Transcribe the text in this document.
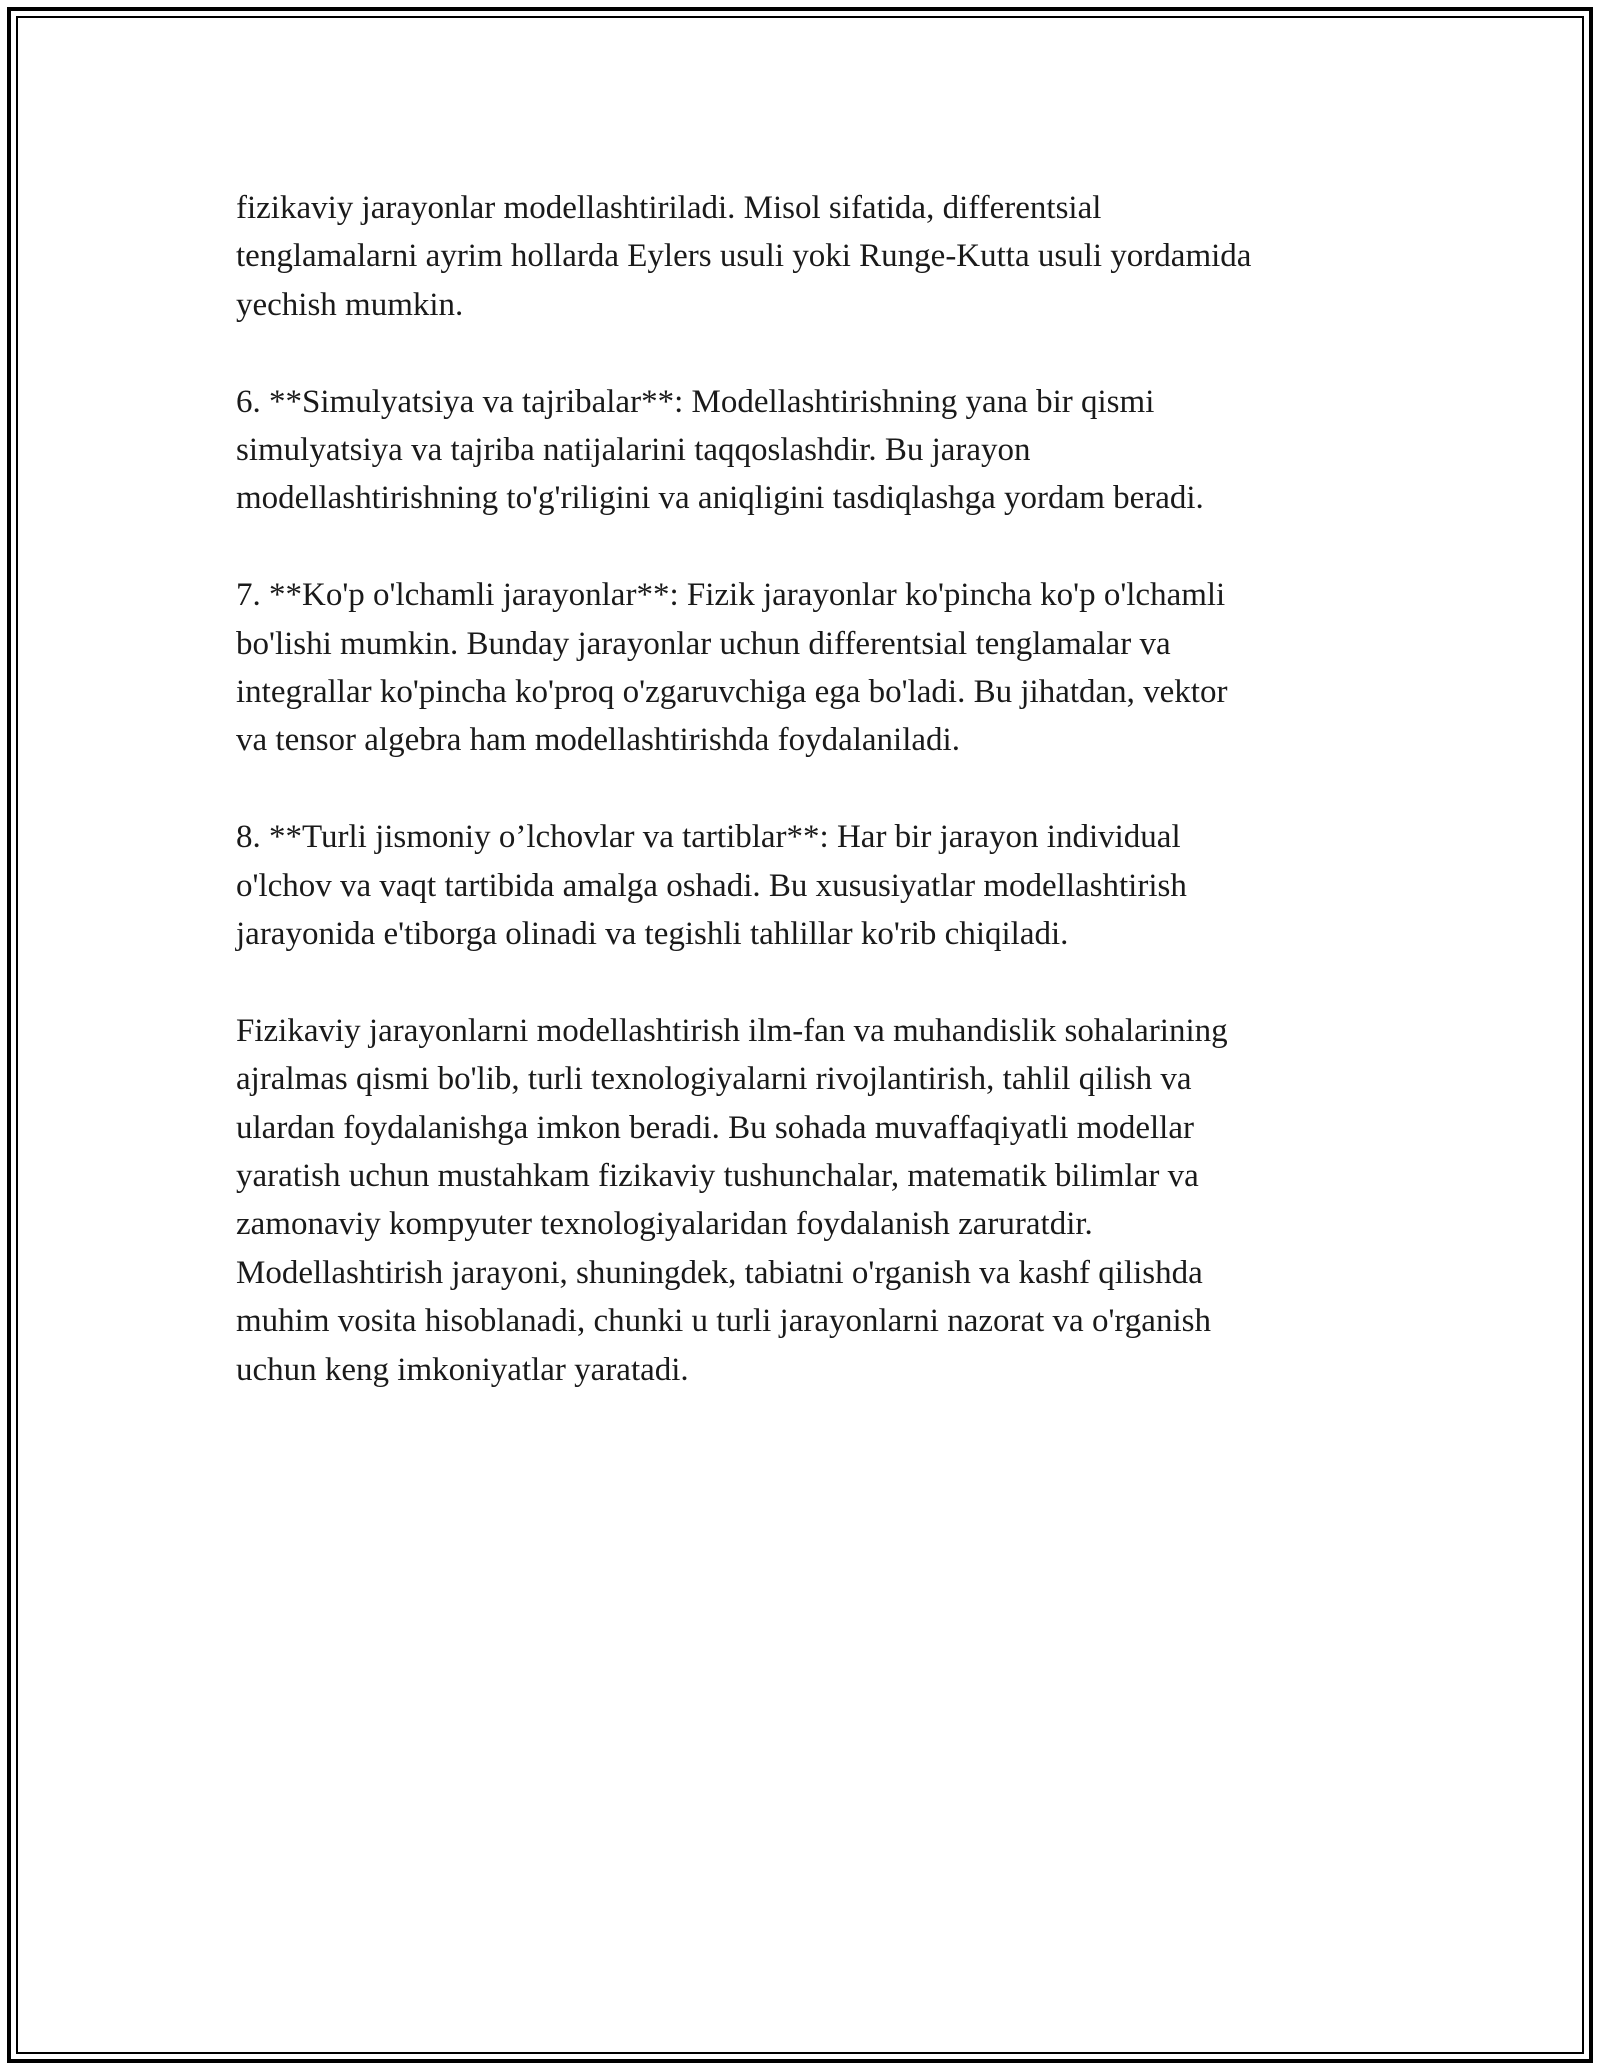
fizikaviy jarayonlar modellashtiriladi. Misol sifatida, differentsial
tenglamalarni ayrim hollarda Eylers usuli yoki Runge-Kutta usuli yordamida
yechish mumkin.

6. **Simulyatsiya va tajribalar**: Modellashtirishning yana bir qismi
simulyatsiya va tajriba natijalarini taqqoslashdir. Bu jarayon
modellashtirishning to'g'riligini va aniqligini tasdiqlashga yordam beradi.

7. **Ko'p o'lchamli jarayonlar**: Fizik jarayonlar ko'pincha ko'p o'lchamli
bo'lishi mumkin. Bunday jarayonlar uchun differentsial tenglamalar va
integrallar ko'pincha ko'proq o'zgaruvchiga ega bo'ladi. Bu jihatdan, vektor
va tensor algebra ham modellashtirishda foydalaniladi.

8. **Turli jismoniy o’lchovlar va tartiblar**: Har bir jarayon individual
o'lchov va vaqt tartibida amalga oshadi. Bu xususiyatlar modellashtirish
jarayonida e'tiborga olinadi va tegishli tahlillar ko'rib chiqiladi.

Fizikaviy jarayonlarni modellashtirish ilm-fan va muhandislik sohalarining
ajralmas qismi bo'lib, turli texnologiyalarni rivojlantirish, tahlil qilish va
ulardan foydalanishga imkon beradi. Bu sohada muvaffaqiyatli modellar
yaratish uchun mustahkam fizikaviy tushunchalar, matematik bilimlar va
zamonaviy kompyuter texnologiyalaridan foydalanish zaruratdir.
Modellashtirish jarayoni, shuningdek, tabiatni o'rganish va kashf qilishda
muhim vosita hisoblanadi, chunki u turli jarayonlarni nazorat va o'rganish
uchun keng imkoniyatlar yaratadi.
